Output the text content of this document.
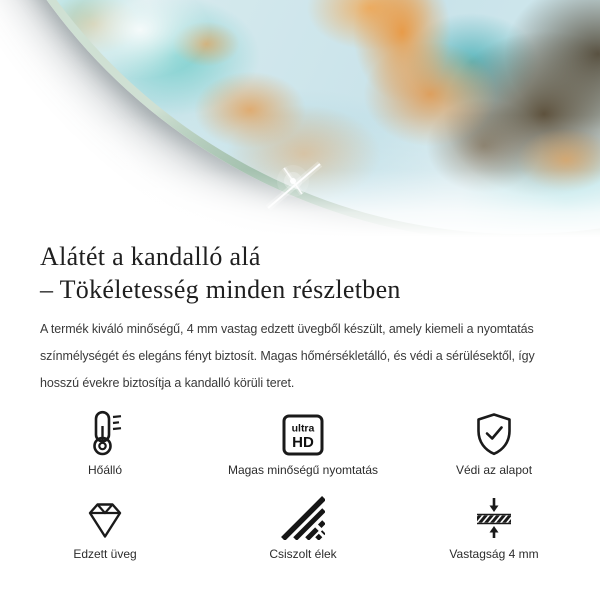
Alátét a kandalló alá
– Tökéletesség minden részletben
A termék kiváló minőségű, 4 mm vastag edzett üvegből készült, amely kiemeli a nyomtatás
színmélységét és elegáns fényt biztosít. Magas hőmérsékletálló, és védi a sérülésektől, így
hosszú évekre biztosítja a kandalló körüli teret.
Hőálló
ultra
HD
Magas minőségű nyomtatás	Védi az alapot
Edzett üveg	Csiszolt élek	Vastagság 4 mm
